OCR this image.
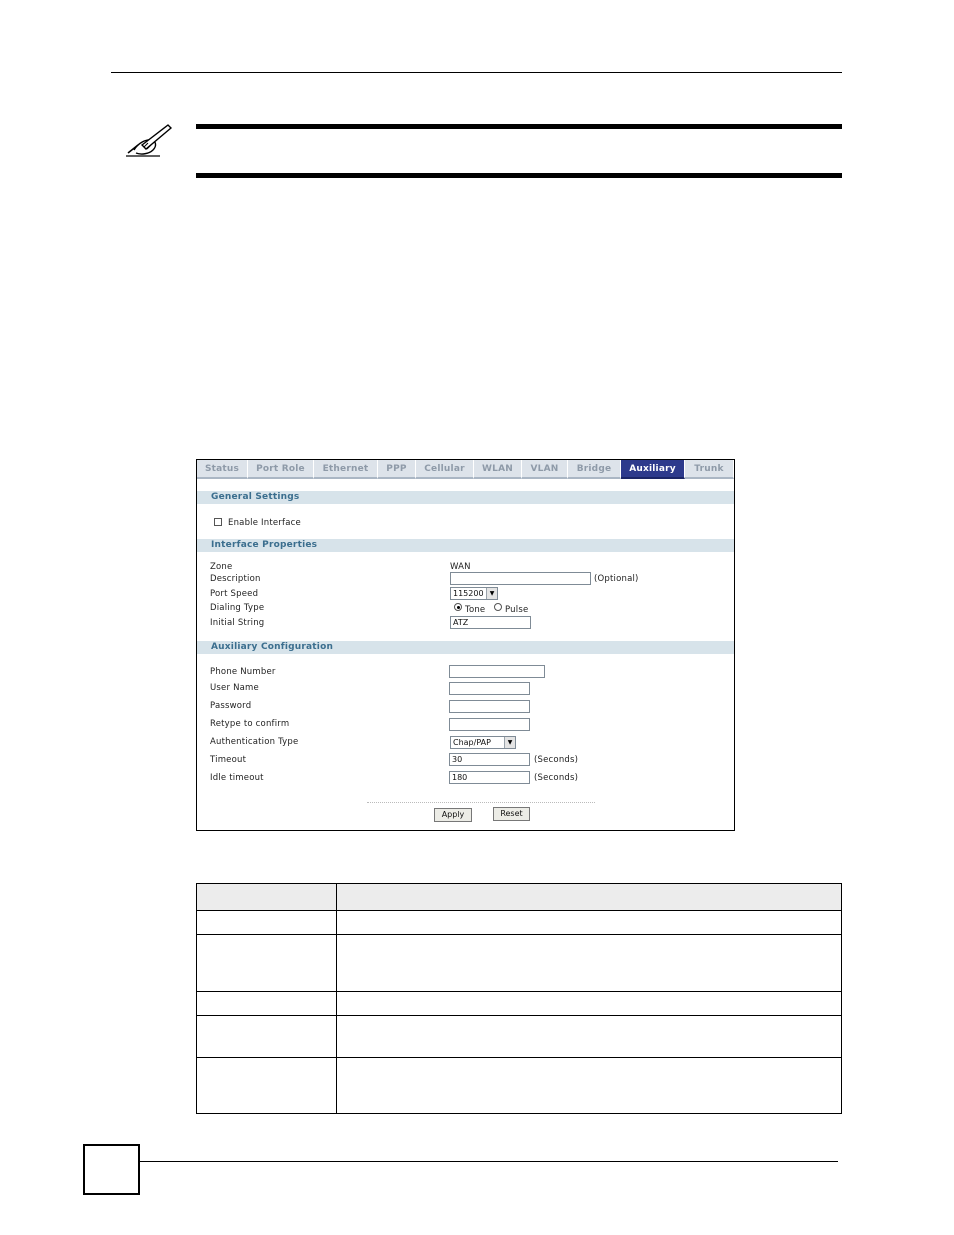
Status	Port Role	Ethernet	PPP	Cellular	WLAN	VLAN	Bridge	Auxiliary	Trunk
General Settings
Enable Interface
Interface Properties
Zone	WAN
Description	(Optional)
Port Speed	115200	▼
Dialing Type	Tone Pulse
Initial String	ATZ
Auxiliary Configuration
Phone Number
User Name
Password
Retype to confirm
Authentication Type	Chap/PAP	▼
Timeout	30	(Seconds)
Idle timeout	180	(Seconds)
Apply	Reset
